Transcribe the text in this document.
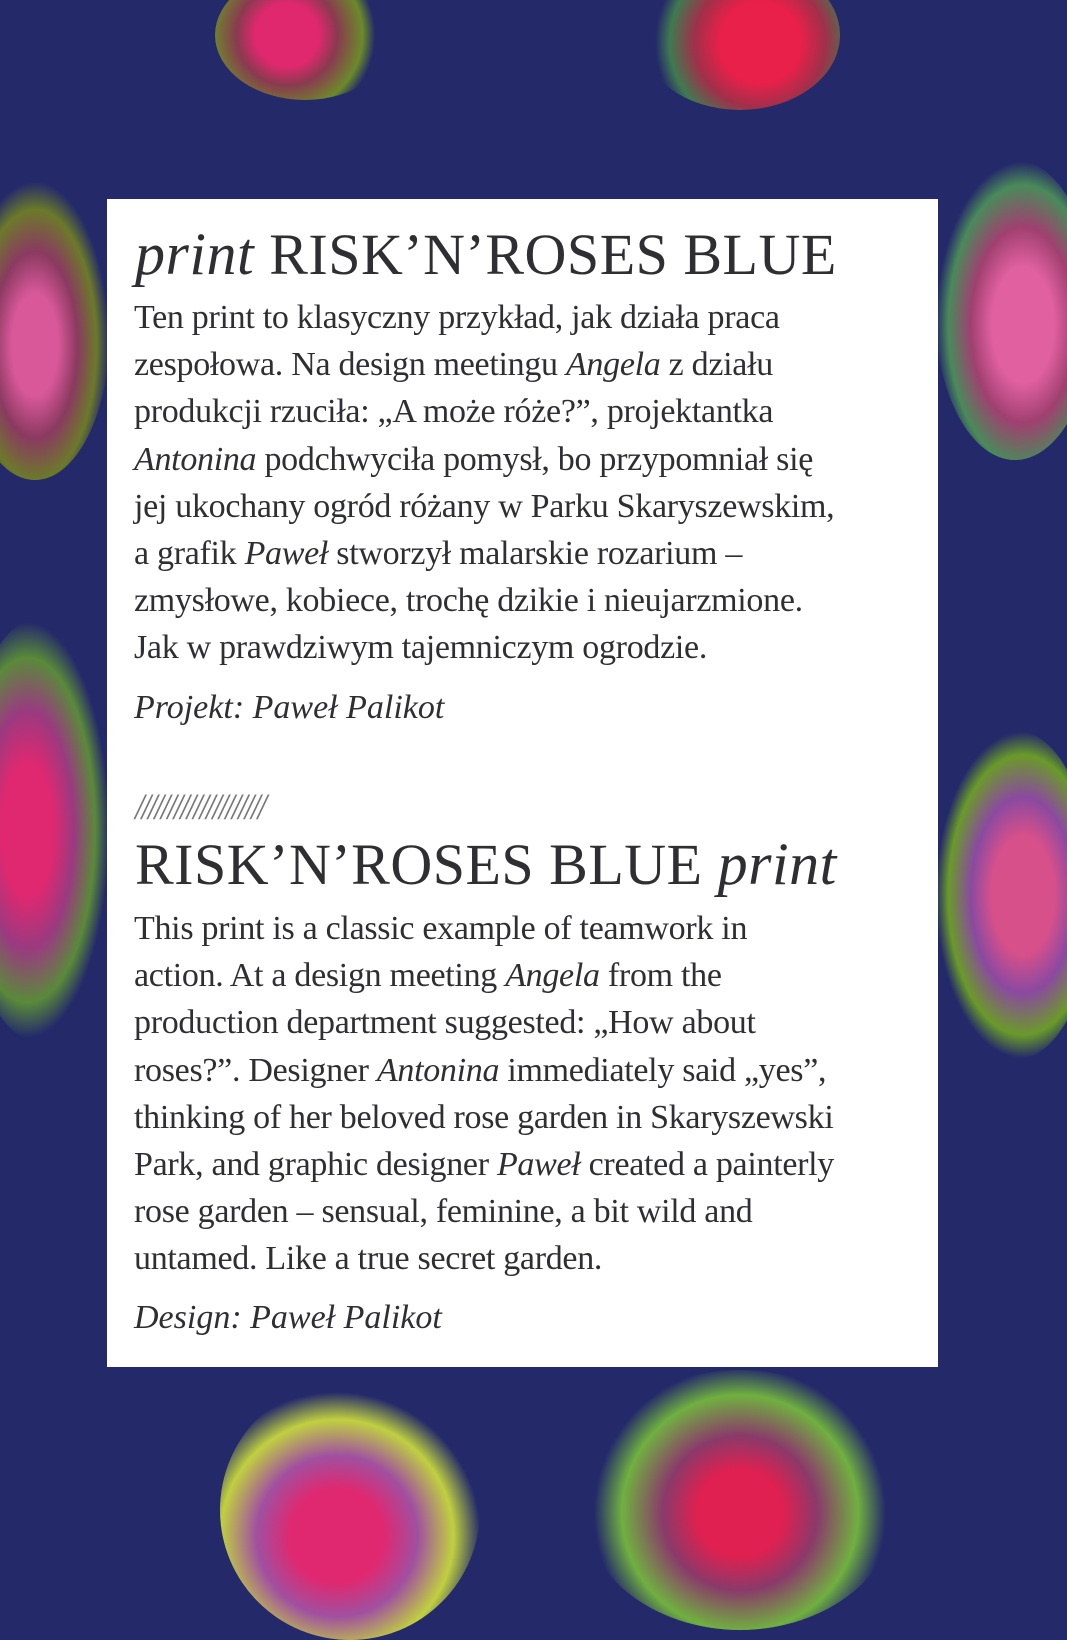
print RISK’N’ROSES BLUE
Ten print to klasyczny przykład, jak działa praca
zespołowa. Na design meetingu Angela z działu
produkcji rzuciła: „A może róże?”, projektantka
Antonina podchwyciła pomysł, bo przypomniał się
jej ukochany ogród różany w Parku Skaryszewskim,
a grafik Paweł stworzył malarskie rozarium –
zmysłowe, kobiece, trochę dzikie i nieujarzmione.
Jak w prawdziwym tajemniczym ogrodzie.
Projekt: Paweł Palikot
////////////////////
RISK’N’ROSES BLUE print
This print is a classic example of teamwork in
action. At a design meeting Angela from the
production department suggested: „How about
roses?”. Designer Antonina immediately said „yes”,
thinking of her beloved rose garden in Skaryszewski
Park, and graphic designer Paweł created a painterly
rose garden – sensual, feminine, a bit wild and
untamed. Like a true secret garden.
Design: Paweł Palikot
